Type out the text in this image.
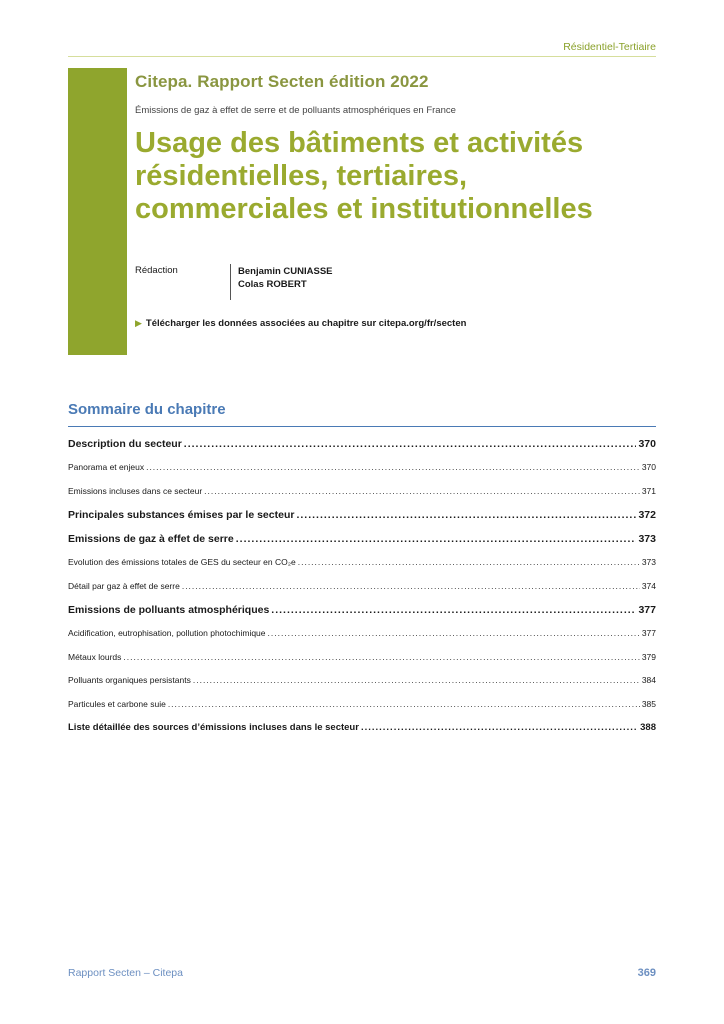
Résidentiel-Tertiaire
Citepa. Rapport Secten édition 2022
Émissions de gaz à effet de serre et de polluants atmosphériques en France
Usage des bâtiments et activités résidentielles, tertiaires, commerciales et institutionnelles
Rédaction	Benjamin CUNIASSE
Colas ROBERT
▶ Télécharger les données associées au chapitre sur citepa.org/fr/secten
Sommaire du chapitre
Description du secteur .....	370
Panorama et enjeux .....	370
Emissions incluses dans ce secteur .....	371
Principales substances émises par le secteur .....	372
Emissions de gaz à effet de serre .....	373
Evolution des émissions totales de GES du secteur en CO₂e .....	373
Détail par gaz à effet de serre .....	374
Emissions de polluants atmosphériques .....	377
Acidification, eutrophisation, pollution photochimique .....	377
Métaux lourds .....	379
Polluants organiques persistants .....	384
Particules et carbone suie .....	385
Liste détaillée des sources d’émissions incluses dans le secteur .....	388
Rapport Secten – Citepa	369
